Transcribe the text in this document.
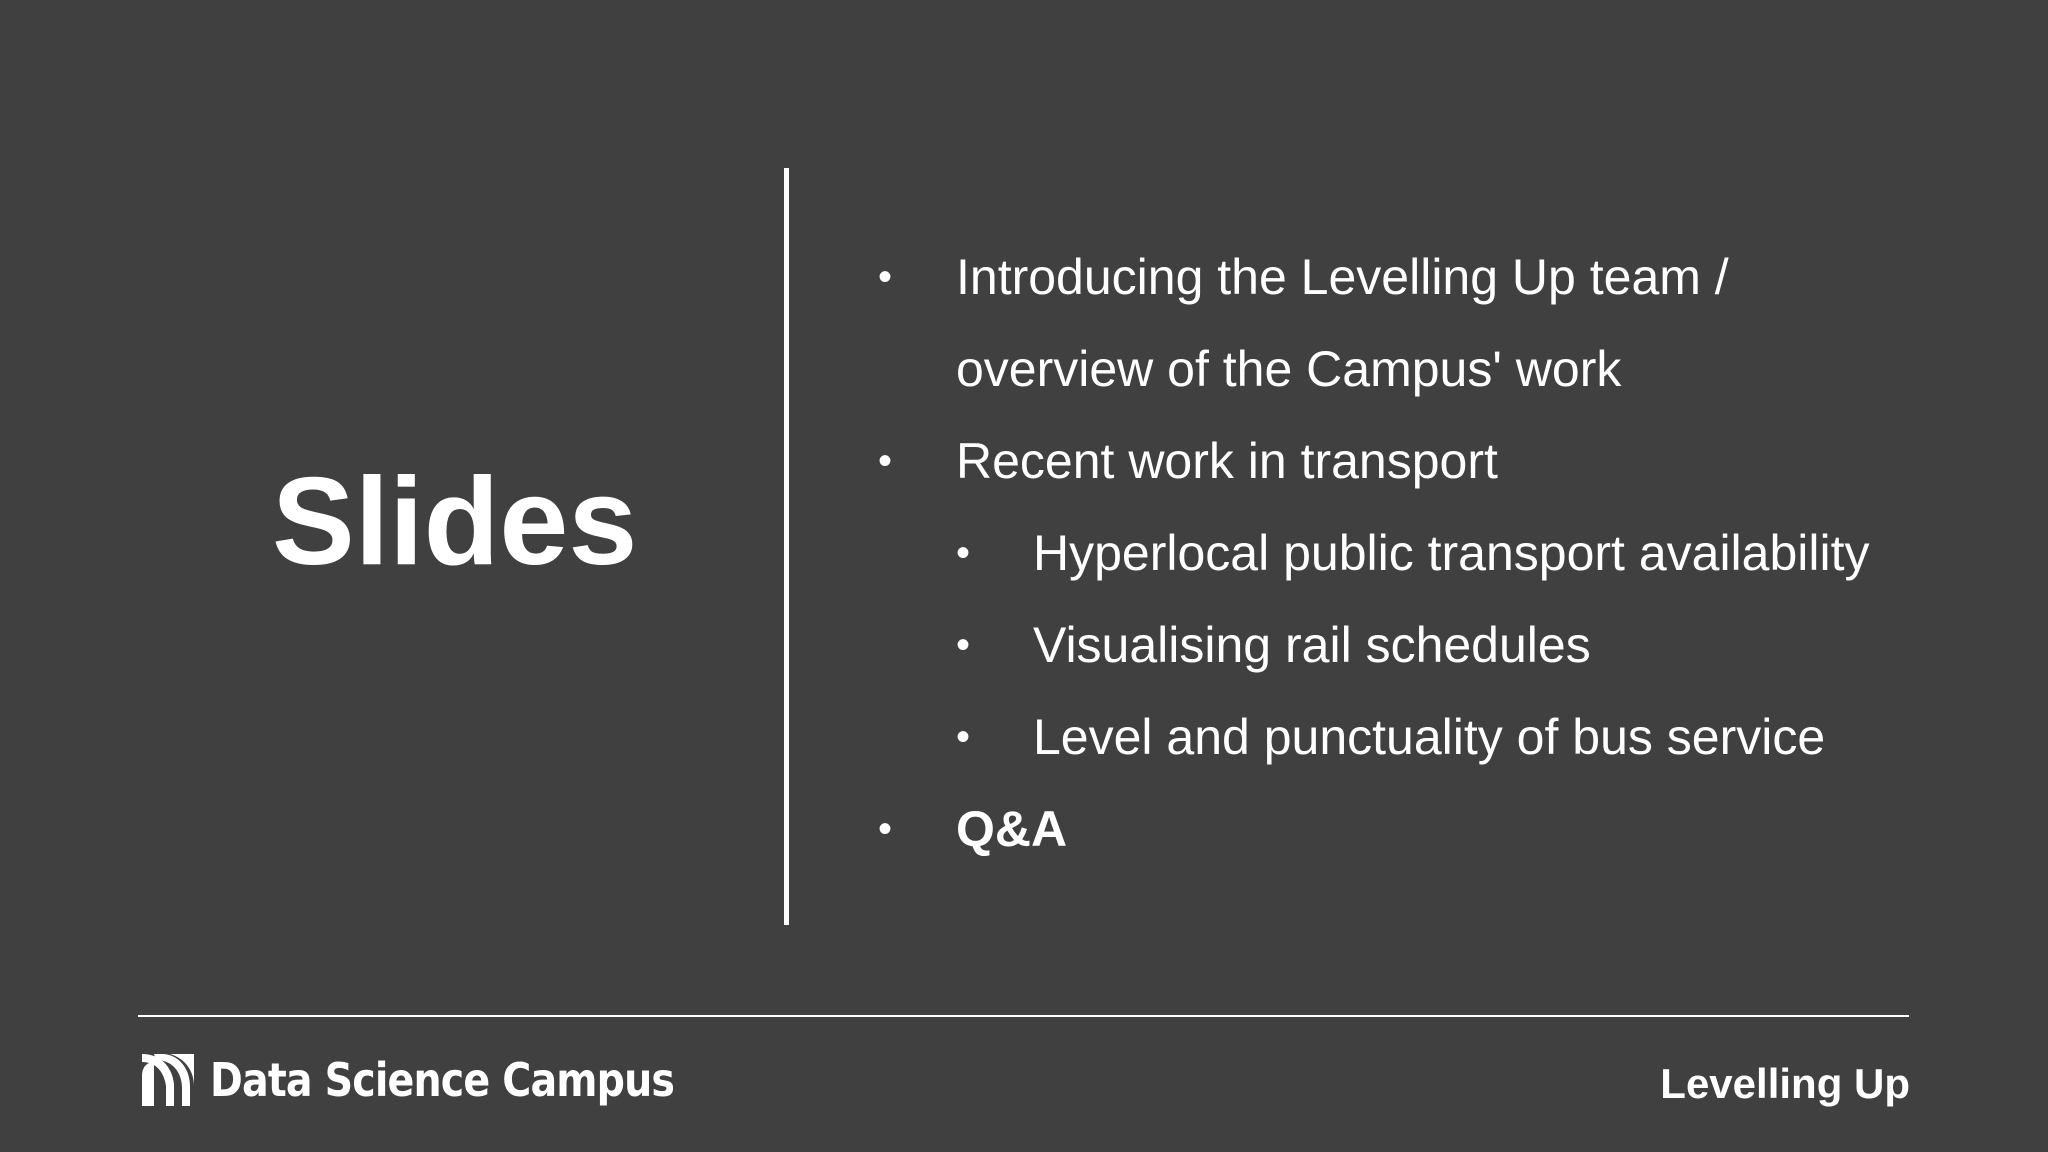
Slides
• Introducing the Levelling Up team /
overview of the Campus' work
• Recent work in transport
• Hyperlocal public transport availability
• Visualising rail schedules
• Level and punctuality of bus service
• Q&A
Data Science Campus	Levelling Up
